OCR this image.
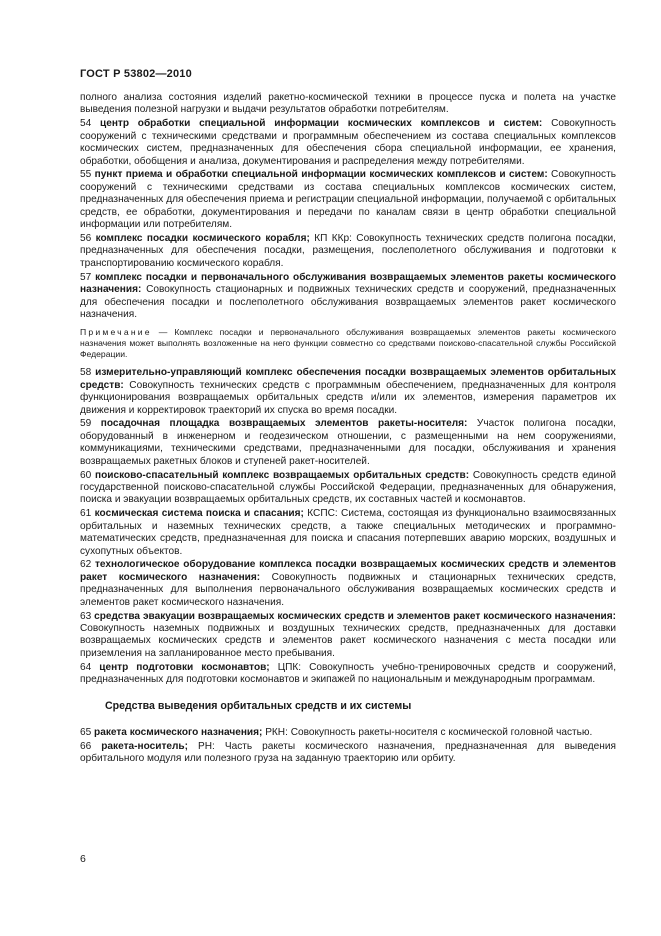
ГОСТ Р 53802—2010

полного анализа состояния изделий ракетно-космической техники в процессе пуска и полета на участке выведения полезной нагрузки и выдачи результатов обработки потребителям.

54 центр обработки специальной информации космических комплексов и систем: Совокупность сооружений с техническими средствами и программным обеспечением из состава специальных комплексов космических систем, предназначенных для обеспечения сбора специальной информации, ее хранения, обработки, обобщения и анализа, документирования и распределения между потребителями.

55 пункт приема и обработки специальной информации космических комплексов и систем: Совокупность сооружений с техническими средствами из состава специальных комплексов космических систем, предназначенных для обеспечения приема и регистрации специальной информации, получаемой с орбитальных средств, ее обработки, документирования и передачи по каналам связи в центр обработки специальной информации или потребителям.

56 комплекс посадки космического корабля; КП ККр: Совокупность технических средств полигона посадки, предназначенных для обеспечения посадки, размещения, послеполетного обслуживания и подготовки к транспортированию космического корабля.

57 комплекс посадки и первоначального обслуживания возвращаемых элементов ракеты космического назначения: Совокупность стационарных и подвижных технических средств и сооружений, предназначенных для обеспечения посадки и послеполетного обслуживания возвращаемых элементов ракет космического назначения.

Примечание — Комплекс посадки и первоначального обслуживания возвращаемых элементов ракеты космического назначения может выполнять возложенные на него функции совместно со средствами поисково-спасательной службы Российской Федерации.

58 измерительно-управляющий комплекс обеспечения посадки возвращаемых элементов орбитальных средств: Совокупность технических средств с программным обеспечением, предназначенных для контроля функционирования возвращаемых орбитальных средств и/или их элементов, измерения параметров их движения и корректировок траекторий их спуска во время посадки.

59 посадочная площадка возвращаемых элементов ракеты-носителя: Участок полигона посадки, оборудованный в инженерном и геодезическом отношении, с размещенными на нем сооружениями, коммуникациями, техническими средствами, предназначенными для посадки, обслуживания и хранения возвращаемых ракетных блоков и ступеней ракет-носителей.

60 поисково-спасательный комплекс возвращаемых орбитальных средств: Совокупность средств единой государственной поисково-спасательной службы Российской Федерации, предназначенных для обнаружения, поиска и эвакуации возвращаемых орбитальных средств, их составных частей и космонавтов.

61 космическая система поиска и спасания; КСПС: Система, состоящая из функционально взаимосвязанных орбитальных и наземных технических средств, а также специальных методических и программно-математических средств, предназначенная для поиска и спасания потерпевших аварию морских, воздушных и сухопутных объектов.

62 технологическое оборудование комплекса посадки возвращаемых космических средств и элементов ракет космического назначения: Совокупность подвижных и стационарных технических средств, предназначенных для выполнения первоначального обслуживания возвращаемых космических средств и элементов ракет космического назначения.

63 средства эвакуации возвращаемых космических средств и элементов ракет космического назначения: Совокупность наземных подвижных и воздушных технических средств, предназначенных для доставки возвращаемых космических средств и элементов ракет космического назначения с места посадки или приземления на запланированное место пребывания.

64 центр подготовки космонавтов; ЦПК: Совокупность учебно-тренировочных средств и сооружений, предназначенных для подготовки космонавтов и экипажей по национальным и международным программам.

Средства выведения орбитальных средств и их системы

65 ракета космического назначения; РКН: Совокупность ракеты-носителя с космической головной частью.

66 ракета-носитель; РН: Часть ракеты космического назначения, предназначенная для выведения орбитального модуля или полезного груза на заданную траекторию или орбиту.

6
